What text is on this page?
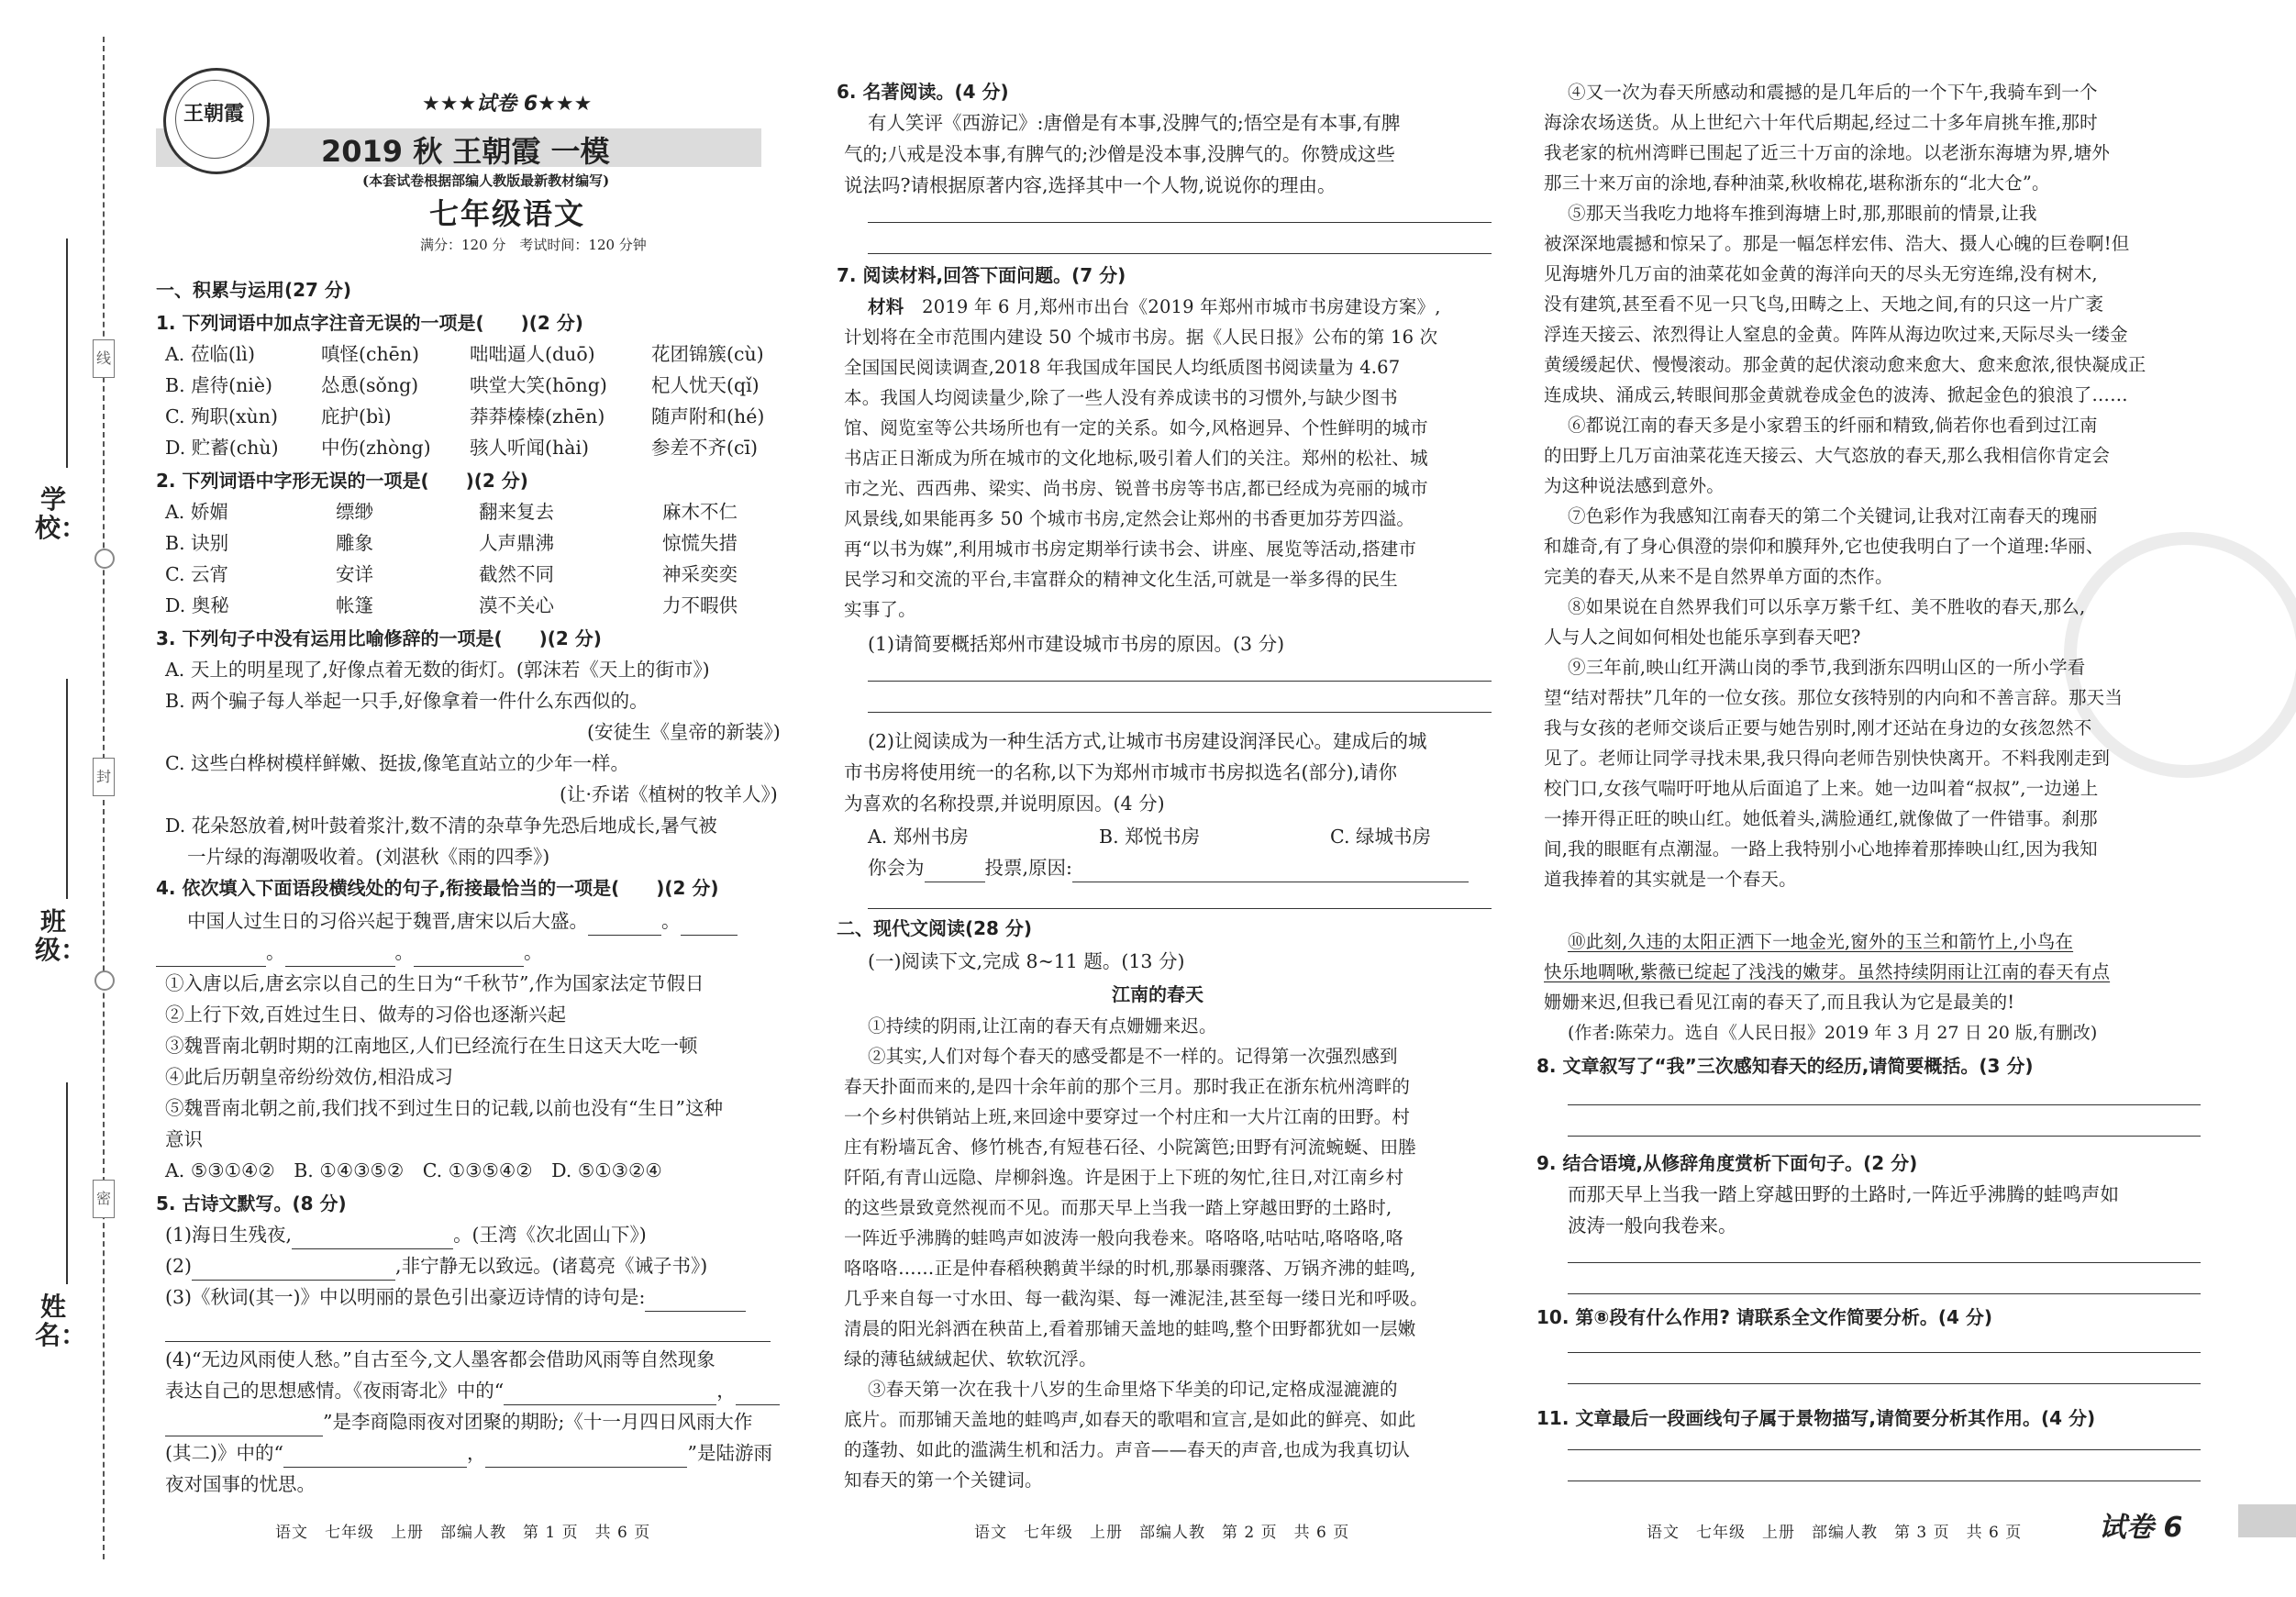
线
封
密
学校：
班级：
姓名：
王朝霞	★★★试卷 6★★★
2019 秋 王朝霞 一模
(本套试卷根据部编人教版最新教材编写)
七年级语文
满分：120 分　考试时间：120 分钟
一、积累与运用(27 分)
1. 下列词语中加点字注音无误的一项是(　　)(2 分)
A. 莅临(lì)	嗔怪(chēn)	咄咄逼人(duō)	花团锦簇(cù)
B. 虐待(niè)	怂恿(sǒng)	哄堂大笑(hōng) 杞人忧天(qǐ)
C. 殉职(xùn) 庇护(bì)	莽莽榛榛(zhēn) 随声附和(hé)
D. 贮蓄(chù) 中伤(zhòng) 骇人听闻(hài)	参差不齐(cī)
2. 下列词语中字形无误的一项是(　　)(2 分)
A. 娇媚	缥缈	翻来复去	麻木不仁
B. 诀别	雕象	人声鼎沸	惊慌失措
C. 云宵	安详	截然不同	神采奕奕
D. 奥秘	帐篷	漠不关心	力不暇供
3. 下列句子中没有运用比喻修辞的一项是(　　)(2 分)
A. 天上的明星现了,好像点着无数的街灯。(郭沫若《天上的街市》)
B. 两个骗子每人举起一只手,好像拿着一件什么东西似的。
(安徒生《皇帝的新装》)
C. 这些白桦树模样鲜嫩、挺拔,像笔直站立的少年一样。
(让·乔诺《植树的牧羊人》)
D. 花朵怒放着,树叶鼓着浆汁,数不清的杂草争先恐后地成长,暑气被
一片绿的海潮吸收着。(刘湛秋《雨的四季》)
4. 依次填入下面语段横线处的句子,衔接最恰当的一项是(　　)(2 分)
中国人过生日的习俗兴起于魏晋,唐宋以后大盛。	。
。	。	。
①入唐以后,唐玄宗以自己的生日为“千秋节”,作为国家法定节假日
②上行下效,百姓过生日、做寿的习俗也逐渐兴起
③魏晋南北朝时期的江南地区,人们已经流行在生日这天大吃一顿
④此后历朝皇帝纷纷效仿,相沿成习
⑤魏晋南北朝之前,我们找不到过生日的记载,以前也没有“生日”这种
意识
A. ⑤③①④②　B. ①④③⑤②　C. ①③⑤④②　D. ⑤①③②④
5. 古诗文默写。(8 分)
(1)海日生残夜,	。(王湾《次北固山下》)
(2)	,非宁静无以致远。(诸葛亮《诫子书》)
(3)《秋词(其一)》中以明丽的景色引出豪迈诗情的诗句是:
(4)“无边风雨使人愁。”自古至今,文人墨客都会借助风雨等自然现象
表达自己的思想感情。《夜雨寄北》中的“	，
”是李商隐雨夜对团聚的期盼;《十一月四日风雨大作
(其二)》中的“	，	”是陆游雨
夜对国事的忧思。
语文　七年级　上册　部编人教　第 1 页　共 6 页
6. 名著阅读。(4 分)
有人笑评《西游记》:唐僧是有本事,没脾气的;悟空是有本事,有脾
气的;八戒是没本事,有脾气的;沙僧是没本事,没脾气的。你赞成这些
说法吗?请根据原著内容,选择其中一个人物,说说你的理由。
7. 阅读材料,回答下面问题。(7 分)
材料　 2019 年 6 月,郑州市出台《2019 年郑州市城市书房建设方案》,
计划将在全市范围内建设 50 个城市书房。据《人民日报》公布的第 16 次
全国国民阅读调查,2018 年我国成年国民人均纸质图书阅读量为 4.67
本。我国人均阅读量少,除了一些人没有养成读书的习惯外,与缺少图书
馆、阅览室等公共场所也有一定的关系。如今,风格迥异、个性鲜明的城市
书店正日渐成为所在城市的文化地标,吸引着人们的关注。郑州的松社、城
市之光、西西弗、梁实、尚书房、锐普书房等书店,都已经成为亮丽的城市
风景线,如果能再多 50 个城市书房,定然会让郑州的书香更加芬芳四溢。
再“以书为媒”,利用城市书房定期举行读书会、讲座、展览等活动,搭建市
民学习和交流的平台,丰富群众的精神文化生活,可就是一举多得的民生
实事了。
(1)请简要概括郑州市建设城市书房的原因。(3 分)
(2)让阅读成为一种生活方式,让城市书房建设润泽民心。建成后的城
市书房将使用统一的名称,以下为郑州市城市书房拟选名(部分),请你
为喜欢的名称投票,并说明原因。(4 分)
A. 郑州书房	B. 郑悦书房	C. 绿城书房
你会为	投票,原因:
二、现代文阅读(28 分)
(一)阅读下文,完成 8~11 题。(13 分)
江南的春天
①持续的阴雨,让江南的春天有点姗姗来迟。
②其实,人们对每个春天的感受都是不一样的。记得第一次强烈感到
春天扑面而来的,是四十余年前的那个三月。那时我正在浙东杭州湾畔的
一个乡村供销站上班,来回途中要穿过一个村庄和一大片江南的田野。村
庄有粉墙瓦舍、修竹桃杏,有短巷石径、小院篱笆;田野有河流蜿蜒、田塍
阡陌,有青山远隐、岸柳斜逸。许是困于上下班的匆忙,往日,对江南乡村
的这些景致竟然视而不见。而那天早上当我一踏上穿越田野的土路时,
一阵近乎沸腾的蛙鸣声如波涛一般向我卷来。咯咯咯,咕咕咕,咯咯咯,咯
咯咯咯……正是仲春稻秧鹅黄半绿的时机,那暴雨骤落、万锅齐沸的蛙鸣,
几乎来自每一寸水田、每一截沟渠、每一滩泥洼,甚至每一缕日光和呼吸。
清晨的阳光斜洒在秧苗上,看着那铺天盖地的蛙鸣,整个田野都犹如一层嫩
绿的薄毡絨絨起伏、软软沉浮。
③春天第一次在我十八岁的生命里烙下华美的印记,定格成湿漉漉的
底片。而那铺天盖地的蛙鸣声,如春天的歌唱和宣言,是如此的鲜亮、如此
的蓬勃、如此的滥满生机和活力。声音——春天的声音,也成为我真切认
知春天的第一个关键词。
语文　七年级　上册　部编人教　第 2 页　共 6 页
④又一次为春天所感动和震撼的是几年后的一个下午,我骑车到一个
海涂农场送货。从上世纪六十年代后期起,经过二十多年肩挑车推,那时
我老家的杭州湾畔已围起了近三十万亩的涂地。以老浙东海塘为界,塘外
那三十来万亩的涂地,春种油菜,秋收棉花,堪称浙东的“北大仓”。
⑤那天当我吃力地将车推到海塘上时,那,那眼前的情景,让我
被深深地震撼和惊呆了。那是一幅怎样宏伟、浩大、摄人心魄的巨卷啊!但
见海塘外几万亩的油菜花如金黄的海洋向天的尽头无穷连绵,没有树木,
没有建筑,甚至看不见一只飞鸟,田畴之上、天地之间,有的只这一片广袤
浮连天接云、浓烈得让人窒息的金黄。阵阵从海边吹过来,天际尽头一缕金
黄缓缓起伏、慢慢滚动。那金黄的起伏滚动愈来愈大、愈来愈浓,很快凝成正
连成块、涌成云,转眼间那金黄就卷成金色的波涛、掀起金色的狼浪了……
⑥都说江南的春天多是小家碧玉的纤丽和精致,倘若你也看到过江南
的田野上几万亩油菜花连天接云、大气恣放的春天,那么我相信你肯定会
为这种说法感到意外。
⑦色彩作为我感知江南春天的第二个关键词,让我对江南春天的瑰丽
和雄奇,有了身心俱澄的崇仰和膜拜外,它也使我明白了一个道理:华丽、
完美的春天,从来不是自然界单方面的杰作。
⑧如果说在自然界我们可以乐享万紫千红、美不胜收的春天,那么,
人与人之间如何相处也能乐享到春天吧?
⑨三年前,映山红开满山岗的季节,我到浙东四明山区的一所小学看
望“结对帮扶”几年的一位女孩。那位女孩特别的内向和不善言辞。那天当
我与女孩的老师交谈后正要与她告别时,刚才还站在身边的女孩忽然不
见了。老师让同学寻找未果,我只得向老师告别快快离开。不料我刚走到
校门口,女孩气喘吁吁地从后面追了上来。她一边叫着“叔叔”,一边递上
一捧开得正旺的映山红。她低着头,满脸通红,就像做了一件错事。刹那
间,我的眼眶有点潮湿。一路上我特别小心地捧着那捧映山红,因为我知
道我捧着的其实就是一个春天。
⑩此刻,久违的太阳正洒下一地金光,窗外的玉兰和箭竹上,小鸟在
快乐地啁啾,紫薇已绽起了浅浅的嫩芽。虽然持续阴雨让江南的春天有点
姗姗来迟,但我已看见江南的春天了,而且我认为它是最美的!
(作者:陈荣力。选自《人民日报》2019 年 3 月 27 日 20 版,有删改)
8. 文章叙写了“我”三次感知春天的经历,请简要概括。(3 分)
9. 结合语境,从修辞角度赏析下面句子。(2 分)
而那天早上当我一踏上穿越田野的土路时,一阵近乎沸腾的蛙鸣声如
波涛一般向我卷来。
10. 第⑧段有什么作用? 请联系全文作简要分析。(4 分)
11. 文章最后一段画线句子属于景物描写,请简要分析其作用。(4 分)
语文　七年级　上册　部编人教　第 3 页　共 6 页	试卷 6
